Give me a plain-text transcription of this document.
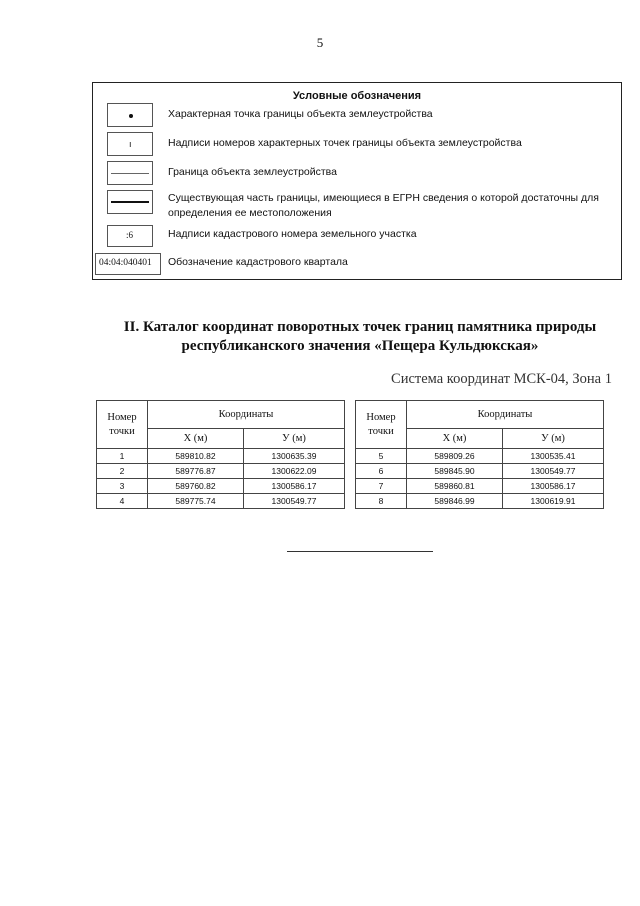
5
Условные обозначения
Характерная точка границы объекта землеустройства
ı	Надписи номеров характерных точек границы объекта землеустройства
Граница объекта землеустройства
Существующая часть границы, имеющиеся в ЕГРН сведения о которой достаточны для определения ее местоположения
:6	Надписи кадастрового номера земельного участка
04:04:040401 Обозначение кадастрового квартала
II. Каталог координат поворотных точек границ памятника природы
республиканского значения «Пещера Кульдюкская»
Система координат МСК-04, Зона 1
Номер
точки	Координаты	
	Х (м)	У (м)
1	589810.82	1300635.39
2	589776.87	1300622.09
3	589760.82	1300586.17
4	589775.74	1300549.77
Номер
точки	Координаты	
	Х (м)	У (м)
5	589809.26	1300535.41
6	589845.90	1300549.77
7	589860.81	1300586.17
8	589846.99	1300619.91
